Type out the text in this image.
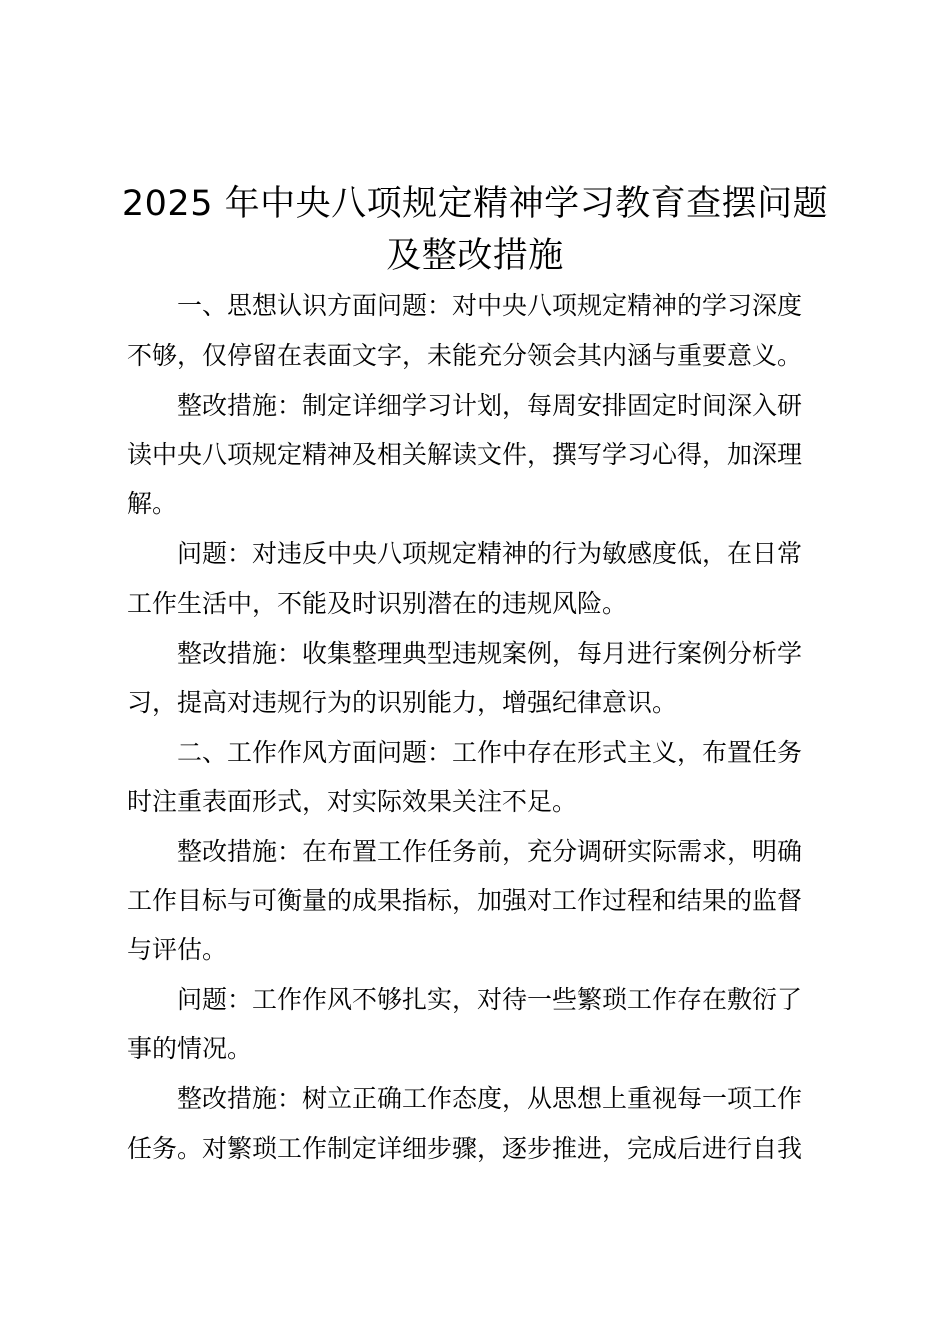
2025 年中央八项规定精神学习教育查摆问题
及整改措施

一、思想认识方面问题：对中央八项规定精神的学习深度

不够，仅停留在表面文字，未能充分领会其内涵与重要意义。

整改措施：制定详细学习计划，每周安排固定时间深入研

读中央八项规定精神及相关解读文件，撰写学习心得，加深理

解。

问题：对违反中央八项规定精神的行为敏感度低，在日常

工作生活中，不能及时识别潜在的违规风险。

整改措施：收集整理典型违规案例，每月进行案例分析学

习，提高对违规行为的识别能力，增强纪律意识。

二、工作作风方面问题：工作中存在形式主义，布置任务

时注重表面形式，对实际效果关注不足。

整改措施：在布置工作任务前，充分调研实际需求，明确

工作目标与可衡量的成果指标，加强对工作过程和结果的监督

与评估。

问题：工作作风不够扎实，对待一些繁琐工作存在敷衍了

事的情况。

整改措施：树立正确工作态度，从思想上重视每一项工作

任务。对繁琐工作制定详细步骤，逐步推进，完成后进行自我
